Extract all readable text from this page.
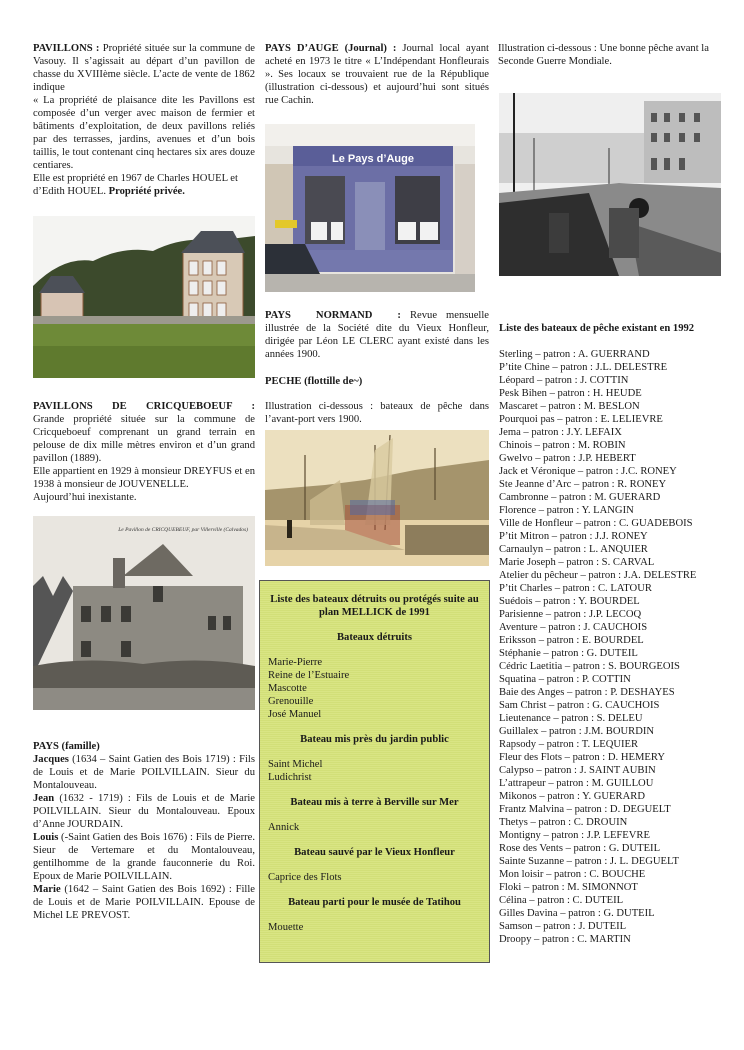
PAVILLONS : Propriété située sur la commune de Vasouy. Il s’agissait au départ d’un pavillon de chasse du XVIIIème siècle. L’acte de vente de 1862 indique

« La propriété de plaisance dite les Pavillons est composée d’un verger avec maison de fermier et bâtiments d’exploitation, de deux pavillons reliés par des terrasses, jardins, avenues et d’un bois taillis, le tout contenant cinq hectares six ares douze centiares.

Elle est propriété en 1967 de Charles HOUEL et d’Edith HOUEL. Propriété privée.

PAVILLONS DE CRICQUEBOEUF : Grande propriété située sur la commune de Cricqueboeuf comprenant un grand terrain en pelouse de dix mille mètres environ et d’un grand pavillon (1889).

Elle appartient en 1929 à monsieur DREYFUS et en 1938 à monsieur de JOUVENELLE.

Aujourd’hui inexistante.

Le Pavillon de CRICQUEBEUF, par Villerville (Calvados)

PAYS (famille)

Jacques (1634 – Saint Gatien des Bois 1719) : Fils de Louis et de Marie POILVILLAIN. Sieur du Montalouveau.

Jean (1632 - 1719) : Fils de Louis et de Marie POILVILLAIN. Sieur du Montalouveau. Epoux d’Anne JOURDAIN.

Louis (-Saint Gatien des Bois 1676) : Fils de Pierre. Sieur de Vertemare et du Montalouveau, gentilhomme de la grande fauconnerie du Roi. Epoux de Marie POILVILLAIN.

Marie (1642 – Saint Gatien des Bois 1692) : Fille de Louis et de Marie POILVILLAIN. Epouse de Michel LE PREVOST.

PAYS D’AUGE (Journal) : Journal local ayant acheté en 1973 le titre « L’Indépendant Honfleurais ». Ses locaux se trouvaient rue de la République (illustration ci-dessous) et aujourd’hui sont situés rue Cachin.

Le Pays d’Auge

PAYS NORMAND : Revue mensuelle illustrée de la Société dite du Vieux Honfleur, dirigée par Léon LE CLERC ayant existé dans les années 1900.

PECHE (flottille de~)

Illustration ci-dessous : bateaux de pêche dans l’avant-port vers 1900.

Liste des bateaux détruits ou protégés suite au plan MELLICK de 1991
Bateaux détruits
Marie-Pierre
Reine de l’Estuaire
Mascotte
Grenouille
José Manuel
Bateau mis près du jardin public
Saint Michel
Ludichrist
Bateau mis à terre à Berville sur Mer
Annick
Bateau sauvé par le Vieux Honfleur
Caprice des Flots
Bateau parti pour le musée de Tatihou
Mouette

Illustration ci-dessous : Une bonne pêche avant la Seconde Guerre Mondiale.

Liste des bateaux de pêche existant en 1992
Sterling – patron : A. GUERRAND
P’tite Chine – patron : J.L. DELESTRE
Léopard – patron : J. COTTIN
Pesk Bihen – patron : H. HEUDE
Mascaret – patron : M. BESLON
Pourquoi pas – patron : E. LELIEVRE
Jema – patron : J.Y. LEFAIX
Chinois – patron : M. ROBIN
Gwelvo – patron : J.P. HEBERT
Jack et Véronique – patron : J.C. RONEY
Ste Jeanne d’Arc – patron : R. RONEY
Cambronne – patron : M. GUERARD
Florence – patron : Y. LANGIN
Ville de Honfleur – patron : C. GUADEBOIS
P’tit Mitron – patron : J.J. RONEY
Carnaulyn – patron : L. ANQUIER
Marie Joseph – patron : S. CARVAL
Atelier du pêcheur – patron : J.A. DELESTRE
P’tit Charles – patron : C. LATOUR
Suédois – patron : Y. BOURDEL
Parisienne – patron : J.P. LECOQ
Aventure – patron : J. CAUCHOIS
Eriksson – patron : E. BOURDEL
Stéphanie – patron : G. DUTEIL
Cédric Laetitia – patron : S. BOURGEOIS
Squatina – patron : P. COTTIN
Baie des Anges – patron : P. DESHAYES
Sam Christ – patron : G. CAUCHOIS
Lieutenance – patron : S. DELEU
Guillalex – patron : J.M. BOURDIN
Rapsody – patron : T. LEQUIER
Fleur des Flots – patron : D. HEMERY
Calypso – patron : J. SAINT AUBIN
L’attrapeur – patron : M. GUILLOU
Mikonos – patron : Y. GUERARD
Frantz Malvina – patron : D. DEGUELT
Thetys – patron : C. DROUIN
Montigny – patron : J.P. LEFEVRE
Rose des Vents – patron : G. DUTEIL
Sainte Suzanne – patron : J. L. DEGUELT
Mon loisir – patron : C. BOUCHE
Floki – patron : M. SIMONNOT
Célina – patron : C. DUTEIL
Gilles Davina – patron : G. DUTEIL
Samson – patron : J. DUTEIL
Droopy – patron : C. MARTIN
